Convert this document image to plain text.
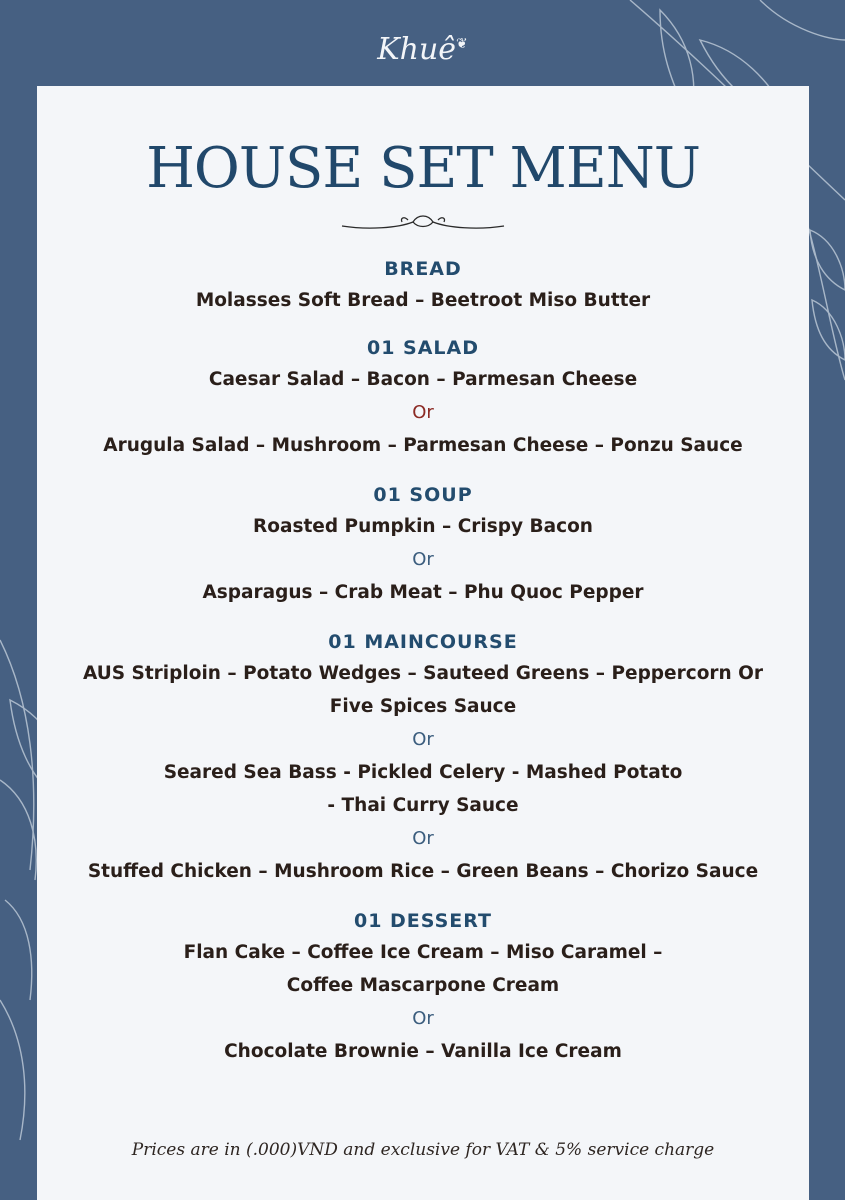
Khuê❦
HOUSE SET MENU

BREAD

Molasses Soft Bread – Beetroot Miso Butter

01 SALAD

Caesar Salad – Bacon – Parmesan Cheese

Or

Arugula Salad – Mushroom – Parmesan Cheese – Ponzu Sauce

01 SOUP

Roasted Pumpkin – Crispy Bacon

Or

Asparagus – Crab Meat – Phu Quoc Pepper

01 MAINCOURSE

AUS Striploin – Potato Wedges – Sauteed Greens – Peppercorn Or

Five Spices Sauce

Or

Seared Sea Bass - Pickled Celery - Mashed Potato

- Thai Curry Sauce

Or

Stuffed Chicken – Mushroom Rice – Green Beans – Chorizo Sauce

01 DESSERT

Flan Cake – Coffee Ice Cream – Miso Caramel –

Coffee Mascarpone Cream

Or

Chocolate Brownie – Vanilla Ice Cream

Prices are in (.000)VND and exclusive for VAT & 5% service charge
